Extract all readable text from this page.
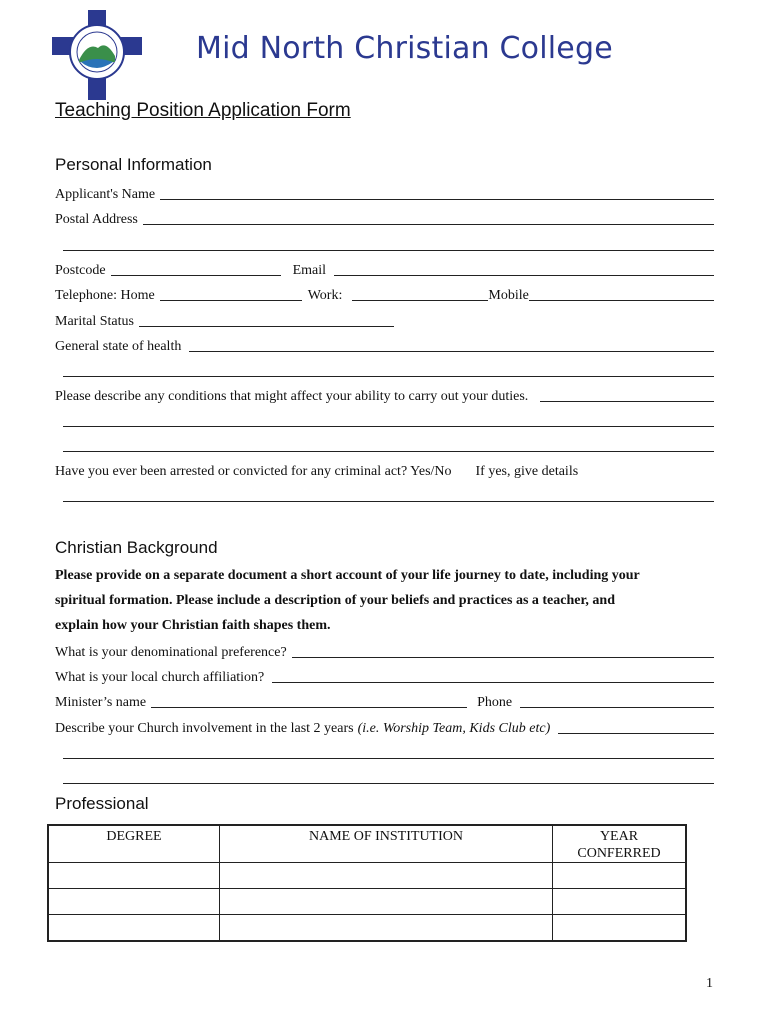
Mid North Christian College
Teaching Position Application Form
Personal Information
Applicant's Name
Postal Address
Postcode	Email
Telephone: Home	Work:	Mobile
Marital Status
General state of health
Please describe any conditions that might affect your ability to carry out your duties.
Have you ever been arrested or convicted for any criminal act? Yes/No If yes, give details
Christian Background
Please provide on a separate document a short account of your life journey to date, including your
spiritual formation. Please include a description of your beliefs and practices as a teacher, and
explain how your Christian faith shapes them.
What is your denominational preference?
What is your local church affiliation?
Minister’s name	Phone
Describe your Church involvement in the last 2 years (i.e. Worship Team, Kids Club etc)
Professional
DEGREE	NAME OF INSTITUTION	YEAR
CONFERRED

1
